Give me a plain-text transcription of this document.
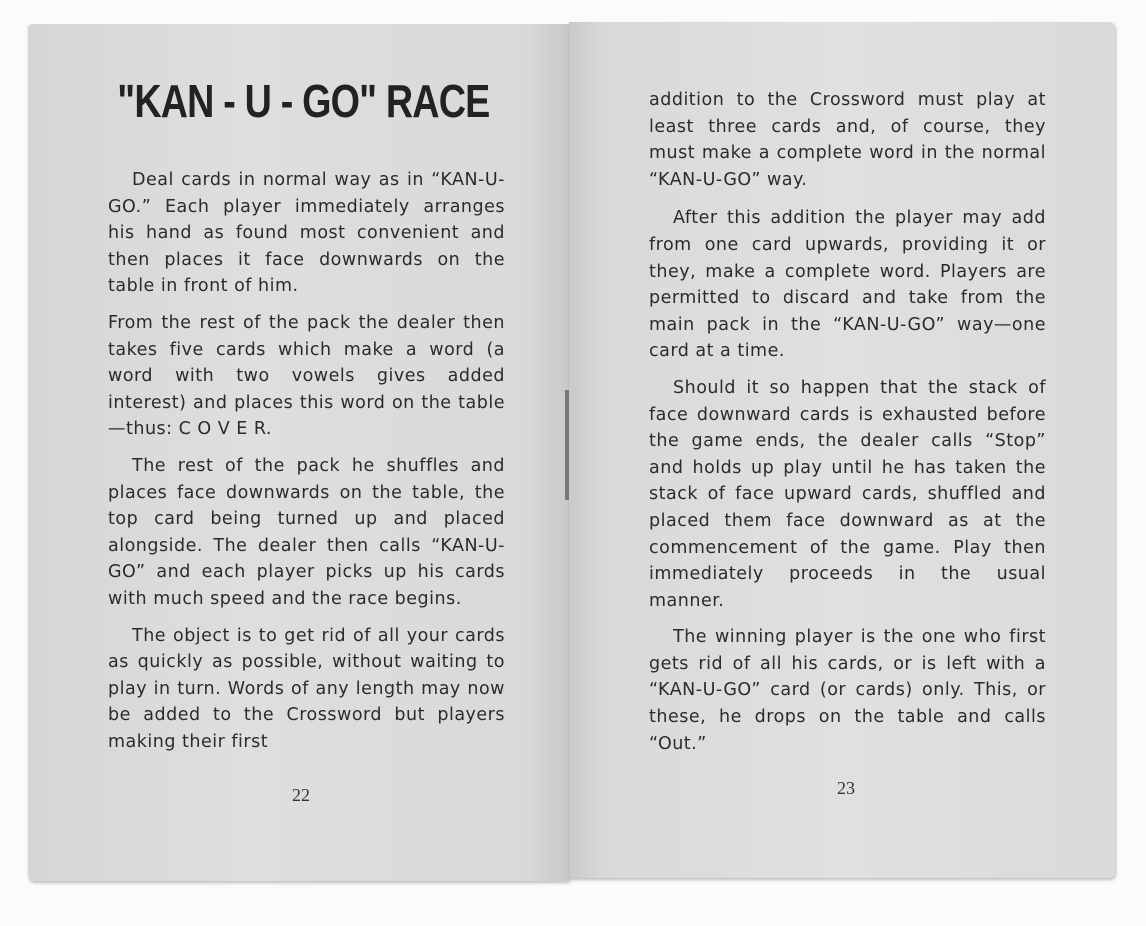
"KAN - U - GO" RACE

Deal cards in normal way as in “KAN-U-GO.” Each player immediately arranges his hand as found most convenient and then places it face downwards on the table in front of him.

From the rest of the pack the dealer then takes five cards which make a word (a word with two vowels gives added interest) and places this word on the table—thus: C O V E R.

The rest of the pack he shuffles and places face downwards on the table, the top card being turned up and placed alongside. The dealer then calls “KAN-U-GO” and each player picks up his cards with much speed and the race begins.

The object is to get rid of all your cards as quickly as possible, without waiting to play in turn. Words of any length may now be added to the Crossword but players making their first

22

addition to the Crossword must play at least three cards and, of course, they must make a complete word in the normal “KAN-U-GO” way.

After this addition the player may add from one card upwards, providing it or they, make a complete word. Players are permitted to discard and take from the main pack in the “KAN-U-GO” way—one card at a time.

Should it so happen that the stack of face downward cards is exhausted before the game ends, the dealer calls “Stop” and holds up play until he has taken the stack of face upward cards, shuffled and placed them face downward as at the commencement of the game. Play then immediately proceeds in the usual manner.

The winning player is the one who first gets rid of all his cards, or is left with a “KAN-U-GO” card (or cards) only. This, or these, he drops on the table and calls “Out.”

23
